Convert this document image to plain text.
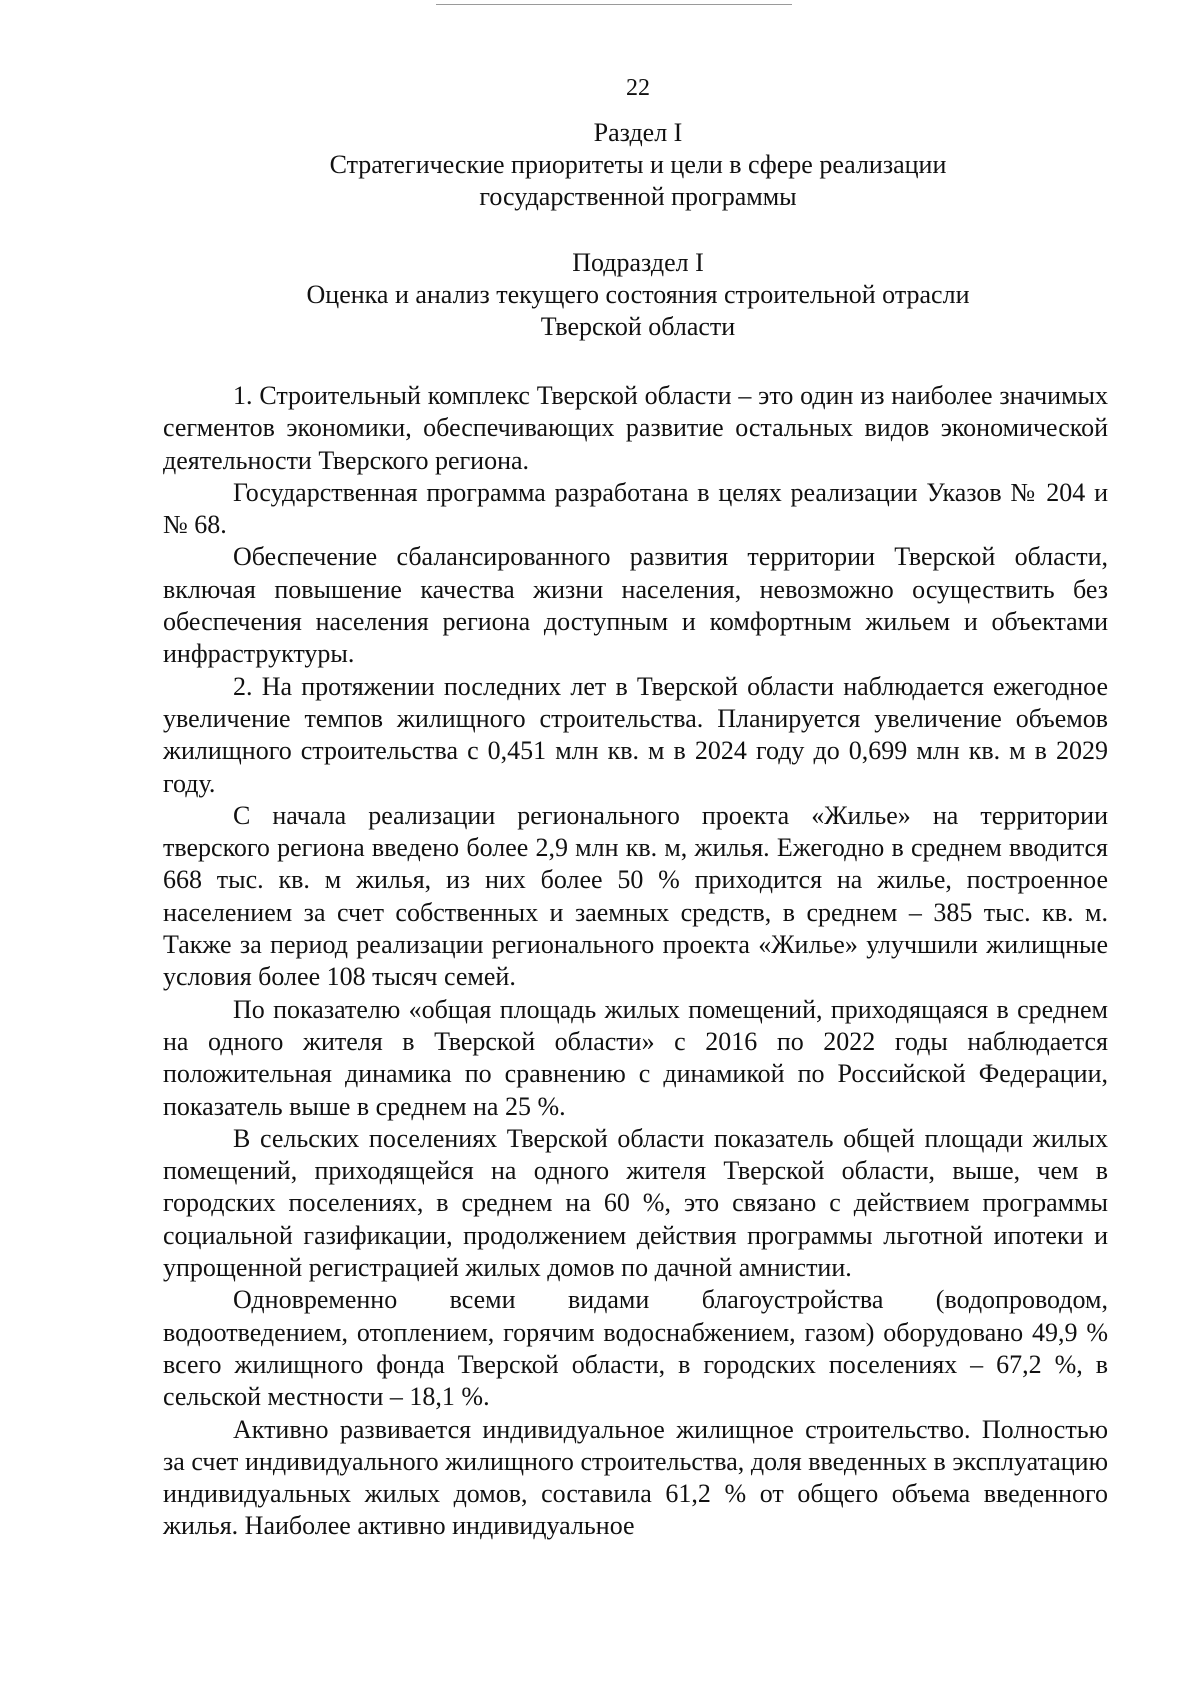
22
Раздел I
Стратегические приоритеты и цели в сфере реализации
государственной программы
Подраздел I
Оценка и анализ текущего состояния строительной отрасли
Тверской области

1. Строительный комплекс Тверской области – это один из наиболее значимых сегментов экономики, обеспечивающих развитие остальных видов экономической деятельности Тверского региона.

Государственная программа разработана в целях реализации Указов № 204 и № 68.

Обеспечение сбалансированного развития территории Тверской области, включая повышение качества жизни населения, невозможно осуществить без обеспечения населения региона доступным и комфортным жильем и объектами инфраструктуры.

2. На протяжении последних лет в Тверской области наблюдается ежегодное увеличение темпов жилищного строительства. Планируется увеличение объемов жилищного строительства с 0,451 млн кв. м в 2024 году до 0,699 млн кв. м в 2029 году.

С начала реализации регионального проекта «Жилье» на территории тверского региона введено более 2,9 млн кв. м, жилья. Ежегодно в среднем вводится 668 тыс. кв. м жилья, из них более 50 % приходится на жилье, построенное населением за счет собственных и заемных средств, в среднем – 385 тыс. кв. м. Также за период реализации регионального проекта «Жилье» улучшили жилищные условия более 108 тысяч семей.

По показателю «общая площадь жилых помещений, приходящаяся в среднем на одного жителя в Тверской области» с 2016 по 2022 годы наблюдается положительная динамика по сравнению с динамикой по Российской Федерации, показатель выше в среднем на 25 %.

В сельских поселениях Тверской области показатель общей площади жилых помещений, приходящейся на одного жителя Тверской области, выше, чем в городских поселениях, в среднем на 60 %, это связано с действием программы социальной газификации, продолжением действия программы льготной ипотеки и упрощенной регистрацией жилых домов по дачной амнистии.

Одновременно всеми видами благоустройства (водопроводом, водоотведением, отоплением, горячим водоснабжением, газом) оборудовано 49,9 % всего жилищного фонда Тверской области, в городских поселениях – 67,2 %, в сельской местности – 18,1 %.

Активно развивается индивидуальное жилищное строительство. Полностью за счет индивидуального жилищного строительства, доля введенных в эксплуатацию индивидуальных жилых домов, составила 61,2 % от общего объема введенного жилья. Наиболее активно индивидуальное
